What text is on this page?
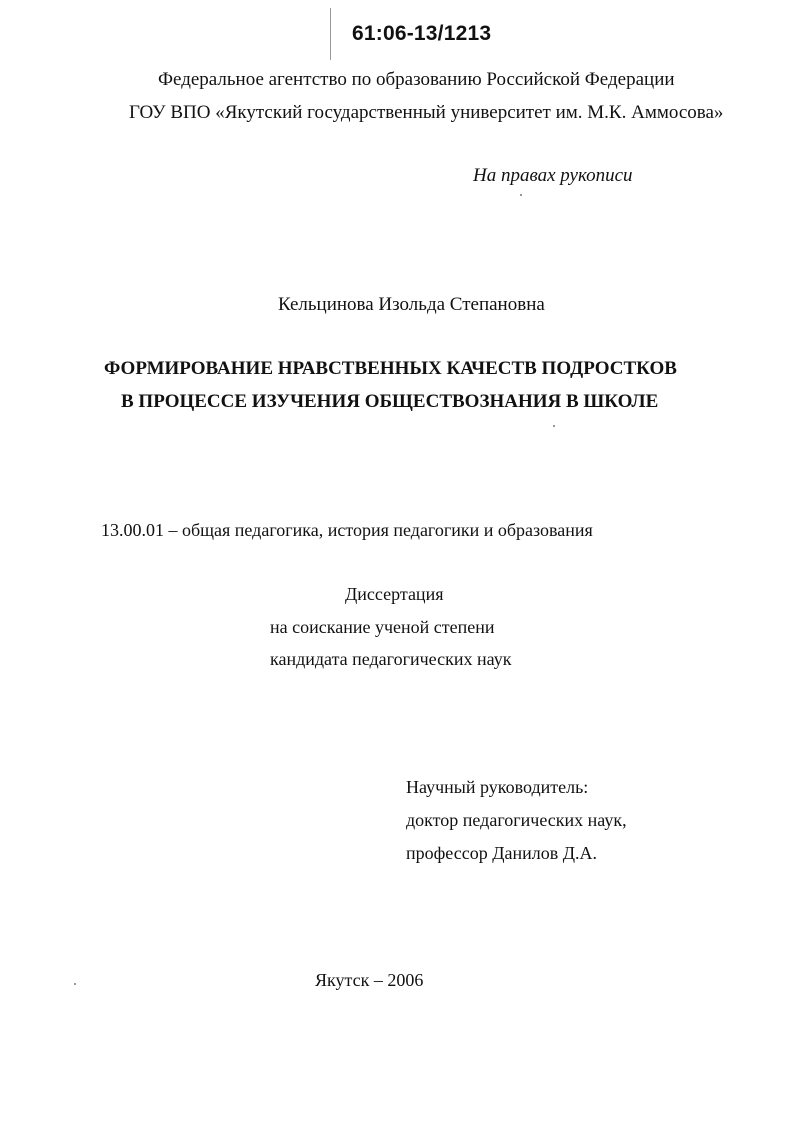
61:06-13/1213
Федеральное агентство по образованию Российской Федерации
ГОУ ВПО «Якутский государственный университет им. М.К. Аммосова»
На правах рукописи
Кельцинова Изольда Степановна
ФОРМИРОВАНИЕ НРАВСТВЕННЫХ КАЧЕСТВ ПОДРОСТКОВ
В ПРОЦЕССЕ ИЗУЧЕНИЯ ОБЩЕСТВОЗНАНИЯ В ШКОЛЕ
13.00.01 – общая педагогика, история педагогики и образования
Диссертация
на соискание ученой степени
кандидата педагогических наук
Научный руководитель:
доктор педагогических наук,
профессор Данилов Д.А.
Якутск – 2006
